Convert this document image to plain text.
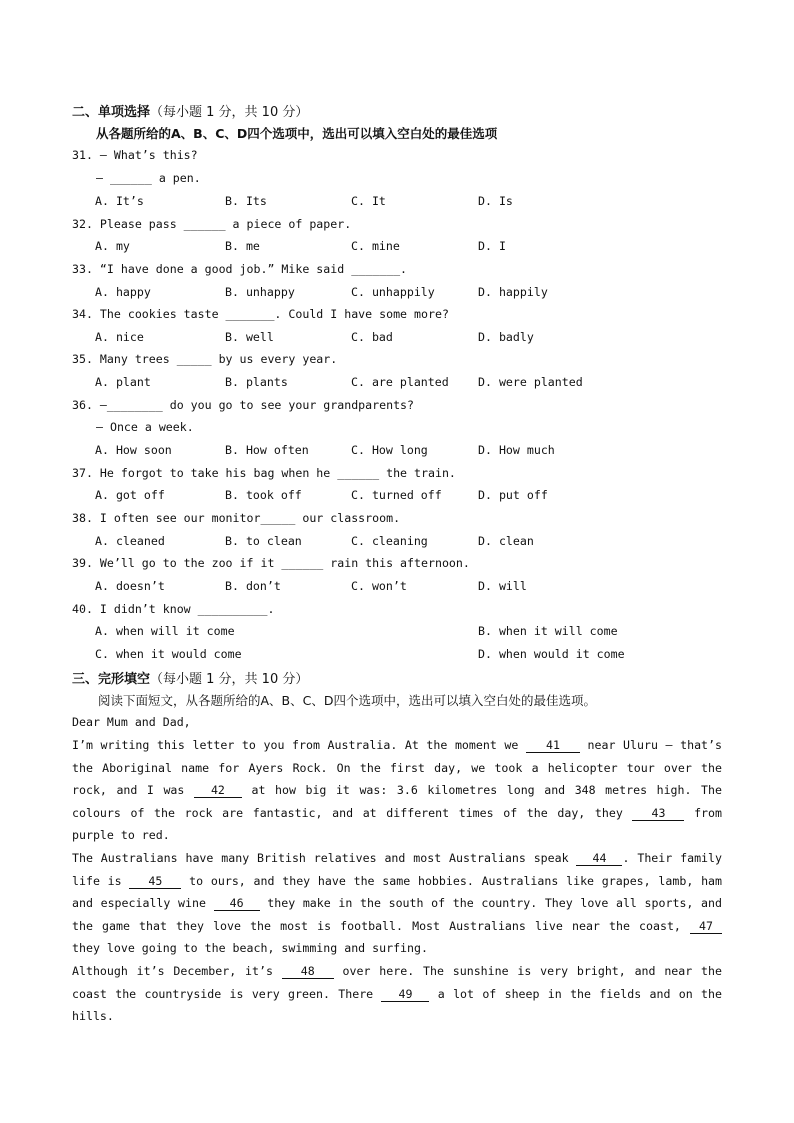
二、单项选择（每小题 1 分，共 10 分）
从各题所给的A、B、C、D四个选项中，选出可以填入空白处的最佳选项
31. — What’s this?
— ______ a pen.
A. It’s	B. Its	C. It	D. Is
32. Please pass ______ a piece of paper.
A. my	B. me	C. mine	D. I
33. “I have done a good job.” Mike said _______.
A. happy	B. unhappy	C. unhappily	D. happily
34. The cookies taste _______. Could I have some more?
A. nice	B. well	C. bad	D. badly
35. Many trees _____ by us every year.
A. plant	B. plants	C. are planted	D. were planted
36. —________ do you go to see your grandparents?
— Once a week.
A. How soon	B. How often	C. How long	D. How much
37. He forgot to take his bag when he ______ the train.
A. got off	B. took off	C. turned off	D. put off
38. I often see our monitor_____ our classroom.
A. cleaned	B. to clean	C. cleaning	D. clean
39. We’ll go to the zoo if it ______ rain this afternoon.
A. doesn’t	B. don’t	C. won’t	D. will
40. I didn’t know __________.
A. when will it come	B. when it will come
C. when it would come	D. when would it come
三、完形填空（每小题 1 分，共 10 分）
阅读下面短文，从各题所给的A、B、C、D四个选项中，选出可以填入空白处的最佳选项。
Dear Mum and Dad,
I’m writing this letter to you from Australia. At the moment we 41 near Uluru — that’s the Aboriginal name for Ayers Rock. On the first day, we took a helicopter tour over the rock, and I was 42 at how big it was: 3.6 kilometres long and 348 metres high. The colours of the rock are fantastic, and at different times of the day, they 43 from purple to red.
The Australians have many British relatives and most Australians speak 44 . Their family life is 45 to ours, and they have the same hobbies. Australians like grapes, lamb, ham and especially wine 46 they make in the south of the country. They love all sports, and the game that they love the most is football. Most Australians live near the coast, 47 they love going to the beach, swimming and surfing.
Although it’s December, it’s 48 over here. The sunshine is very bright, and near the coast the countryside is very green. There 49 a lot of sheep in the fields and on the hills.
